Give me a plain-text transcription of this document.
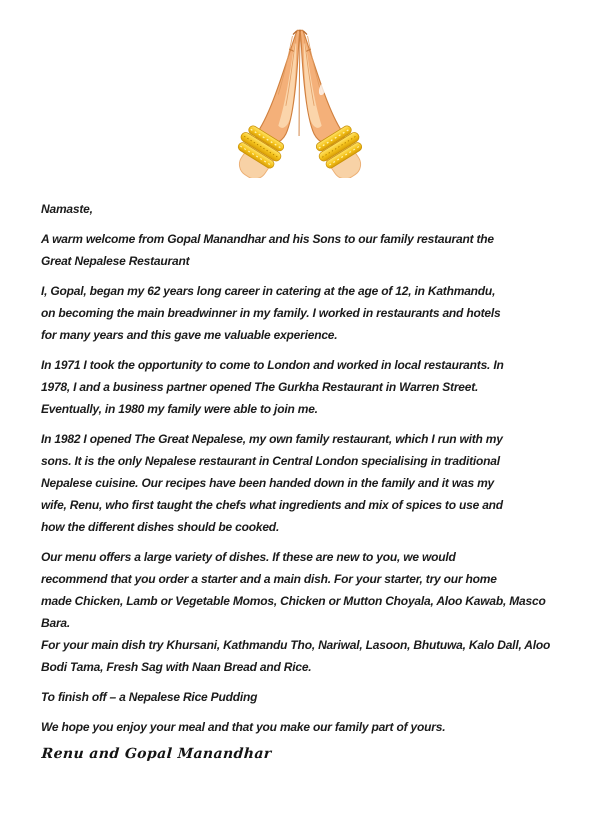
Namaste,

A warm welcome from Gopal Manandhar and his Sons to our family restaurant the
Great Nepalese Restaurant

I, Gopal, began my 62 years long career in catering at the age of 12, in Kathmandu,
on becoming the main breadwinner in my family. I worked in restaurants and hotels
for many years and this gave me valuable experience.

In 1971 I took the opportunity to come to London and worked in local restaurants. In
1978, I and a business partner opened The Gurkha Restaurant in Warren Street.
Eventually, in 1980 my family were able to join me.

In 1982 I opened The Great Nepalese, my own family restaurant, which I run with my
sons. It is the only Nepalese restaurant in Central London specialising in traditional
Nepalese cuisine. Our recipes have been handed down in the family and it was my
wife, Renu, who first taught the chefs what ingredients and mix of spices to use and
how the different dishes should be cooked.

Our menu offers a large variety of dishes. If these are new to you, we would
recommend that you order a starter and a main dish. For your starter, try our home
made Chicken, Lamb or Vegetable Momos, Chicken or Mutton Choyala, Aloo Kawab, Masco
Bara.
For your main dish try Khursani, Kathmandu Tho, Nariwal, Lasoon, Bhutuwa, Kalo Dall, Aloo
Bodi Tama, Fresh Sag with Naan Bread and Rice.

To finish off – a Nepalese Rice Pudding

We hope you enjoy your meal and that you make our family part of yours.

Renu and Gopal Manandhar
